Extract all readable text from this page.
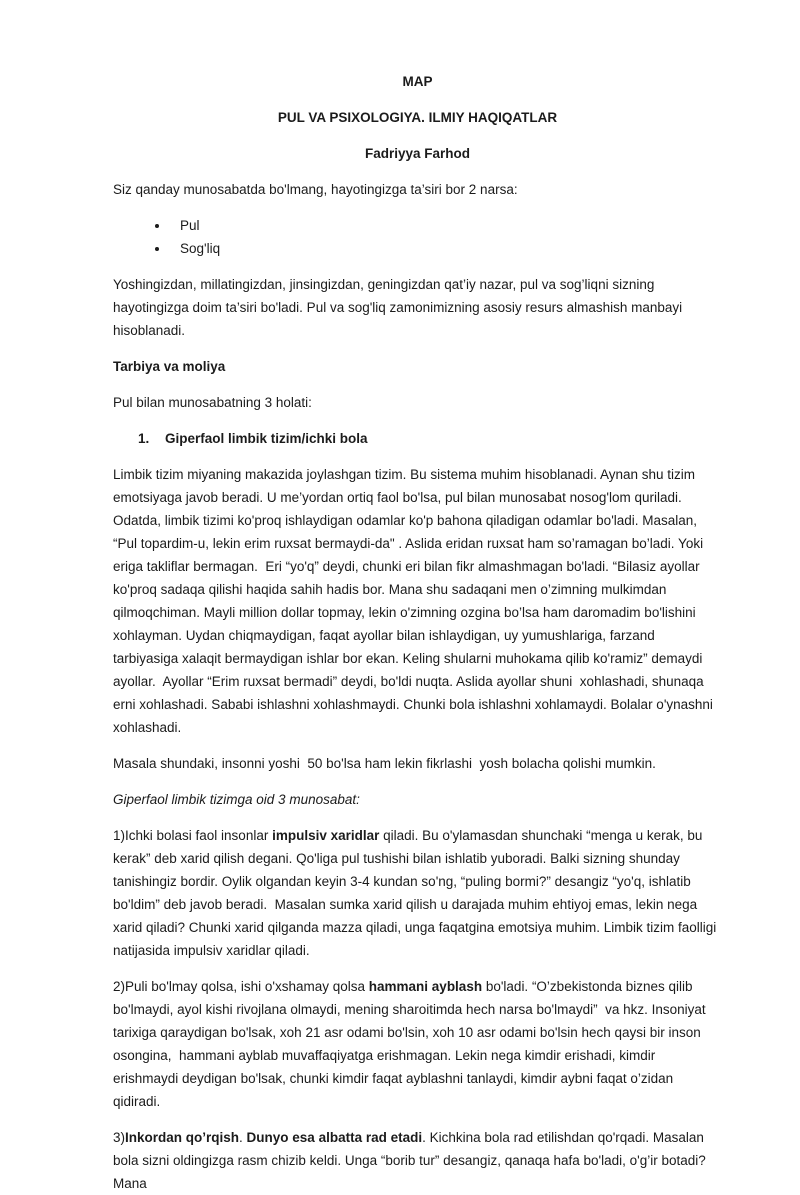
MAP

PUL VA PSIXOLOGIYA. ILMIY HAQIQATLAR

Fadriyya Farhod

Siz qanday munosabatda bo'lmang, hayotingizga ta’siri bor 2 narsa:

• Pul
• Sog'liq

Yoshingizdan, millatingizdan, jinsingizdan, geningizdan qat’iy nazar, pul va sog’liqni sizning hayotingizga doim ta’siri bo'ladi. Pul va sog'liq zamonimizning asosiy resurs almashish manbayi hisoblanadi.

Tarbiya va moliya

Pul bilan munosabatning 3 holati:

1.	Giperfaol limbik tizim/ichki bola

Limbik tizim miyaning makazida joylashgan tizim. Bu sistema muhim hisoblanadi. Aynan shu tizim emotsiyaga javob beradi. U me’yordan ortiq faol bo'lsa, pul bilan munosabat nosog'lom quriladi. Odatda, limbik tizimi ko'proq ishlaydigan odamlar ko'p bahona qiladigan odamlar bo'ladi. Masalan, “Pul topardim-u, lekin erim ruxsat bermaydi-da" . Aslida eridan ruxsat ham so’ramagan bo’ladi. Yoki eriga takliflar bermagan.  Eri “yo'q” deydi, chunki eri bilan fikr almashmagan bo'ladi. “Bilasiz ayollar ko'proq sadaqa qilishi haqida sahih hadis bor. Mana shu sadaqani men o’zimning mulkimdan qilmoqchiman. Mayli million dollar topmay, lekin o'zimning ozgina bo’lsa ham daromadim bo'lishini xohlayman. Uydan chiqmaydigan, faqat ayollar bilan ishlaydigan, uy yumushlariga, farzand tarbiyasiga xalaqit bermaydigan ishlar bor ekan. Keling shularni muhokama qilib ko'ramiz” demaydi ayollar.  Ayollar “Erim ruxsat bermadi” deydi, bo'ldi nuqta. Aslida ayollar shuni  xohlashadi, shunaqa erni xohlashadi. Sababi ishlashni xohlashmaydi. Chunki bola ishlashni xohlamaydi. Bolalar o'ynashni xohlashadi.

Masala shundaki, insonni yoshi  50 bo'lsa ham lekin fikrlashi  yosh bolacha qolishi mumkin.

Giperfaol limbik tizimga oid 3 munosabat:

1)Ichki bolasi faol insonlar impulsiv xaridlar qiladi. Bu o'ylamasdan shunchaki “menga u kerak, bu kerak” deb xarid qilish degani. Qo'liga pul tushishi bilan ishlatib yuboradi. Balki sizning shunday tanishingiz bordir. Oylik olgandan keyin 3-4 kundan so'ng, “puling bormi?” desangiz “yo'q, ishlatib bo'ldim” deb javob beradi.  Masalan sumka xarid qilish u darajada muhim ehtiyoj emas, lekin nega xarid qiladi? Chunki xarid qilganda mazza qiladi, unga faqatgina emotsiya muhim. Limbik tizim faolligi natijasida impulsiv xaridlar qiladi.

2)Puli bo'lmay qolsa, ishi o'xshamay qolsa hammani ayblash bo'ladi. “O’zbekistonda biznes qilib bo'lmaydi, ayol kishi rivojlana olmaydi, mening sharoitimda hech narsa bo'lmaydi”  va hkz. Insoniyat tarixiga qaraydigan bo'lsak, xoh 21 asr odami bo'lsin, xoh 10 asr odami bo'lsin hech qaysi bir inson osongina,  hammani ayblab muvaffaqiyatga erishmagan. Lekin nega kimdir erishadi, kimdir erishmaydi deydigan bo'lsak, chunki kimdir faqat ayblashni tanlaydi, kimdir aybni faqat o’zidan qidiradi.

3)Inkordan qo’rqish. Dunyo esa albatta rad etadi. Kichkina bola rad etilishdan qo'rqadi. Masalan bola sizni oldingizga rasm chizib keldi. Unga “borib tur” desangiz, qanaqa hafa bo'ladi, o'g’ir botadi? Mana
